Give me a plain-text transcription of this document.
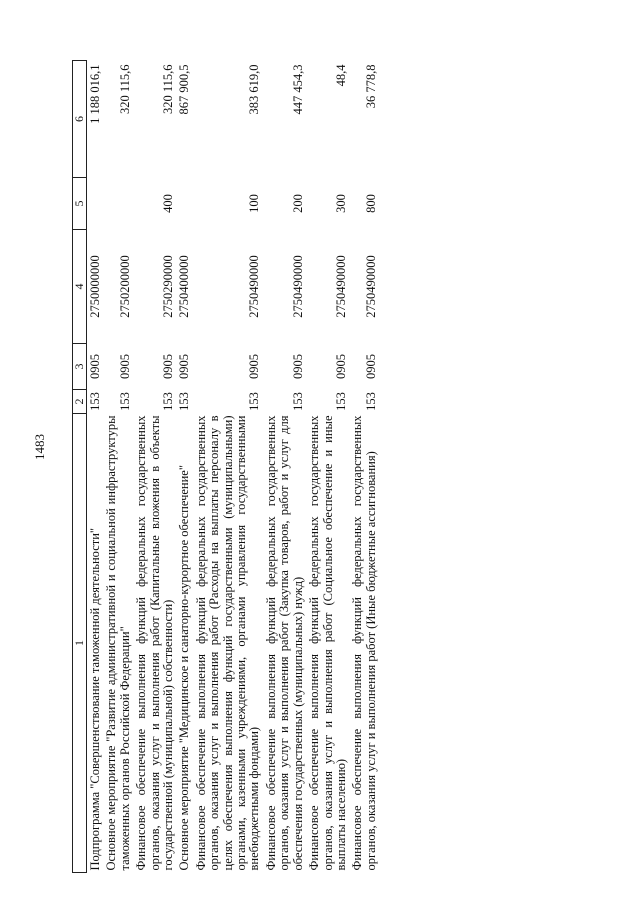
1483
1	2	3	4	5	6
Подпрограмма "Совершенствование таможенной деятельности"	153	0905	2750000000		1 188 016,1
Основное мероприятие "Развитие административной и социальной инфраструктуры таможенных органов Российской Федерации"	153	0905	2750200000		320 115,6
Финансовое обеспечение выполнения функций федеральных государственных органов, оказания услуг и выполнения работ (Капитальные вложения в объекты государственной (муниципальной) собственности)	153	0905	2750290000	400	320 115,6
Основное мероприятие "Медицинское и санаторно-курортное обеспечение"	153	0905	2750400000		867 900,5
Финансовое обеспечение выполнения функций федеральных государственных органов, оказания услуг и выполнения работ (Расходы на выплаты персоналу в целях обеспечения выполнения функций государственными (муниципальными) органами, казенными учреждениями, органами управления государственными внебюджетными фондами)	153	0905	2750490000	100	383 619,0
Финансовое обеспечение выполнения функций федеральных государственных органов, оказания услуг и выполнения работ (Закупка товаров, работ и услуг для обеспечения государственных (муниципальных) нужд)	153	0905	2750490000	200	447 454,3
Финансовое обеспечение выполнения функций федеральных государственных органов, оказания услуг и выполнения работ (Социальное обеспечение и иные выплаты населению)	153	0905	2750490000	300	48,4
Финансовое обеспечение выполнения функций федеральных государственных органов, оказания услуг и выполнения работ (Иные бюджетные ассигнования)	153	0905	2750490000	800	36 778,8
